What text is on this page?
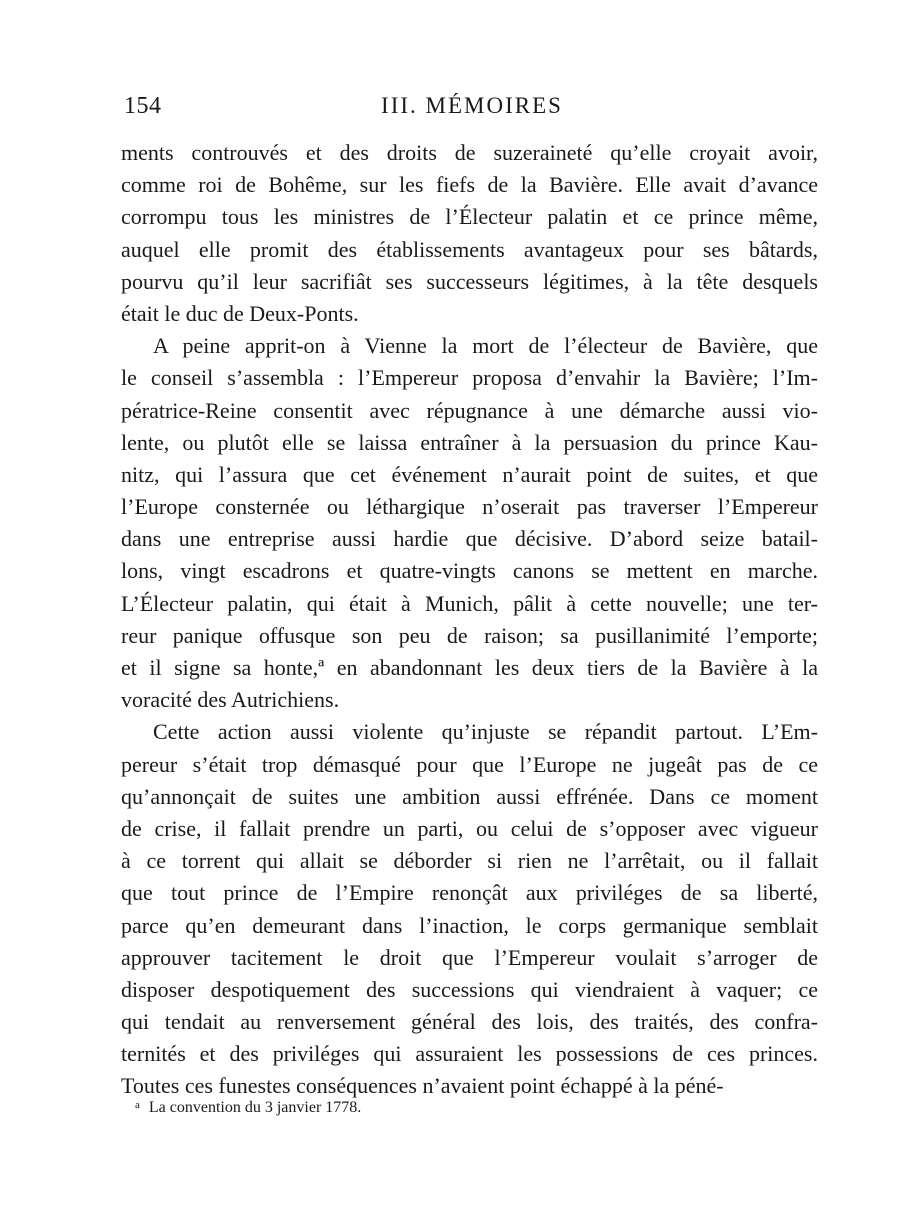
154	III. MÉMOIRES
ments controuvés et des droits de suzeraineté qu’elle croyait avoir,
comme roi de Bohême, sur les fiefs de la Bavière. Elle avait d’avance
corrompu tous les ministres de l’Électeur palatin et ce prince même,
auquel elle promit des établissements avantageux pour ses bâtards,
pourvu qu’il leur sacrifiât ses successeurs légitimes, à la tête desquels
était le duc de Deux-Ponts.
A peine apprit-on à Vienne la mort de l’électeur de Bavière, que
le conseil s’assembla : l’Empereur proposa d’envahir la Bavière; l’Im-
pératrice-Reine consentit avec répugnance à une démarche aussi vio-
lente, ou plutôt elle se laissa entraîner à la persuasion du prince Kau-
nitz, qui l’assura que cet événement n’aurait point de suites, et que
l’Europe consternée ou léthargique n’oserait pas traverser l’Empereur
dans une entreprise aussi hardie que décisive. D’abord seize batail-
lons, vingt escadrons et quatre-vingts canons se mettent en marche.
L’Électeur palatin, qui était à Munich, pâlit à cette nouvelle; une ter-
reur panique offusque son peu de raison; sa pusillanimité l’emporte;
et il signe sa honte,ª en abandonnant les deux tiers de la Bavière à la
voracité des Autrichiens.
Cette action aussi violente qu’injuste se répandit partout. L’Em-
pereur s’était trop démasqué pour que l’Europe ne jugeât pas de ce
qu’annonçait de suites une ambition aussi effrénée. Dans ce moment
de crise, il fallait prendre un parti, ou celui de s’opposer avec vigueur
à ce torrent qui allait se déborder si rien ne l’arrêtait, ou il fallait
que tout prince de l’Empire renonçât aux priviléges de sa liberté,
parce qu’en demeurant dans l’inaction, le corps germanique semblait
approuver tacitement le droit que l’Empereur voulait s’arroger de
disposer despotiquement des successions qui viendraient à vaquer; ce
qui tendait au renversement général des lois, des traités, des confra-
ternités et des priviléges qui assuraient les possessions de ces princes.
Toutes ces funestes conséquences n’avaient point échappé à la péné-
$^a$ La convention du 3 janvier 1778.
